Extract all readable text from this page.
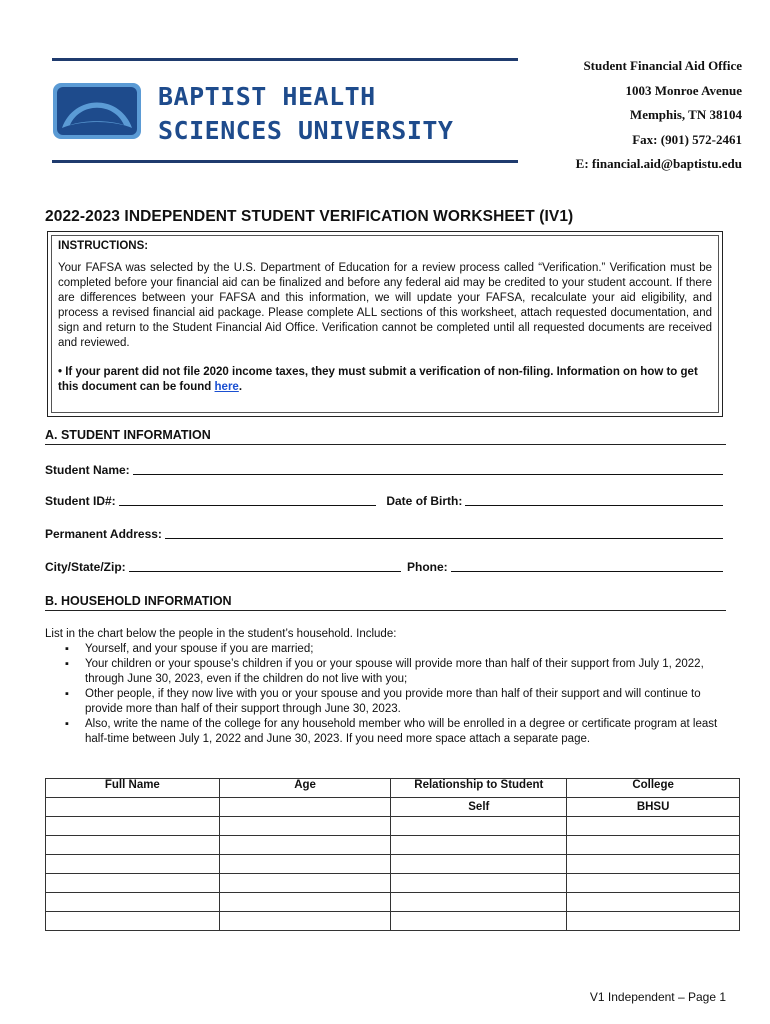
BAPTIST HEALTH
SCIENCES UNIVERSITY
Student Financial Aid Office
1003 Monroe Avenue
Memphis, TN 38104
Fax: (901) 572-2461
E: financial.aid@baptistu.edu
2022-2023 INDEPENDENT STUDENT VERIFICATION WORKSHEET (IV1)
INSTRUCTIONS:
Your FAFSA was selected by the U.S. Department of Education for a review process called “Verification.” Verification must be completed before your financial aid can be finalized and before any federal aid may be credited to your student account. If there are differences between your FAFSA and this information, we will update your FAFSA, recalculate your aid eligibility, and process a revised financial aid package. Please complete ALL sections of this worksheet, attach requested documentation, and sign and return to the Student Financial Aid Office. Verification cannot be completed until all requested documents are received and reviewed.
• If your parent did not file 2020 income taxes, they must submit a verification of non-filing. Information on how to get this document can be found here.
A. STUDENT INFORMATION
Student Name:
Student ID#:	Date of Birth:
Permanent Address:
City/State/Zip:	Phone:
B. HOUSEHOLD INFORMATION
List in the chart below the people in the student’s household. Include:
▪ Yourself, and your spouse if you are married;
▪ Your children or your spouse’s children if you or your spouse will provide more than half of their support from July 1, 2022, through June 30, 2023, even if the children do not live with you;
▪ Other people, if they now live with you or your spouse and you provide more than half of their support and will continue to provide more than half of their support through June 30, 2023.
▪ Also, write the name of the college for any household member who will be enrolled in a degree or certificate program at least half-time between July 1, 2022 and June 30, 2023. If you need more space attach a separate page.
Full Name	Age	Relationship to Student	College
		Self	BHSU

V1 Independent – Page 1
